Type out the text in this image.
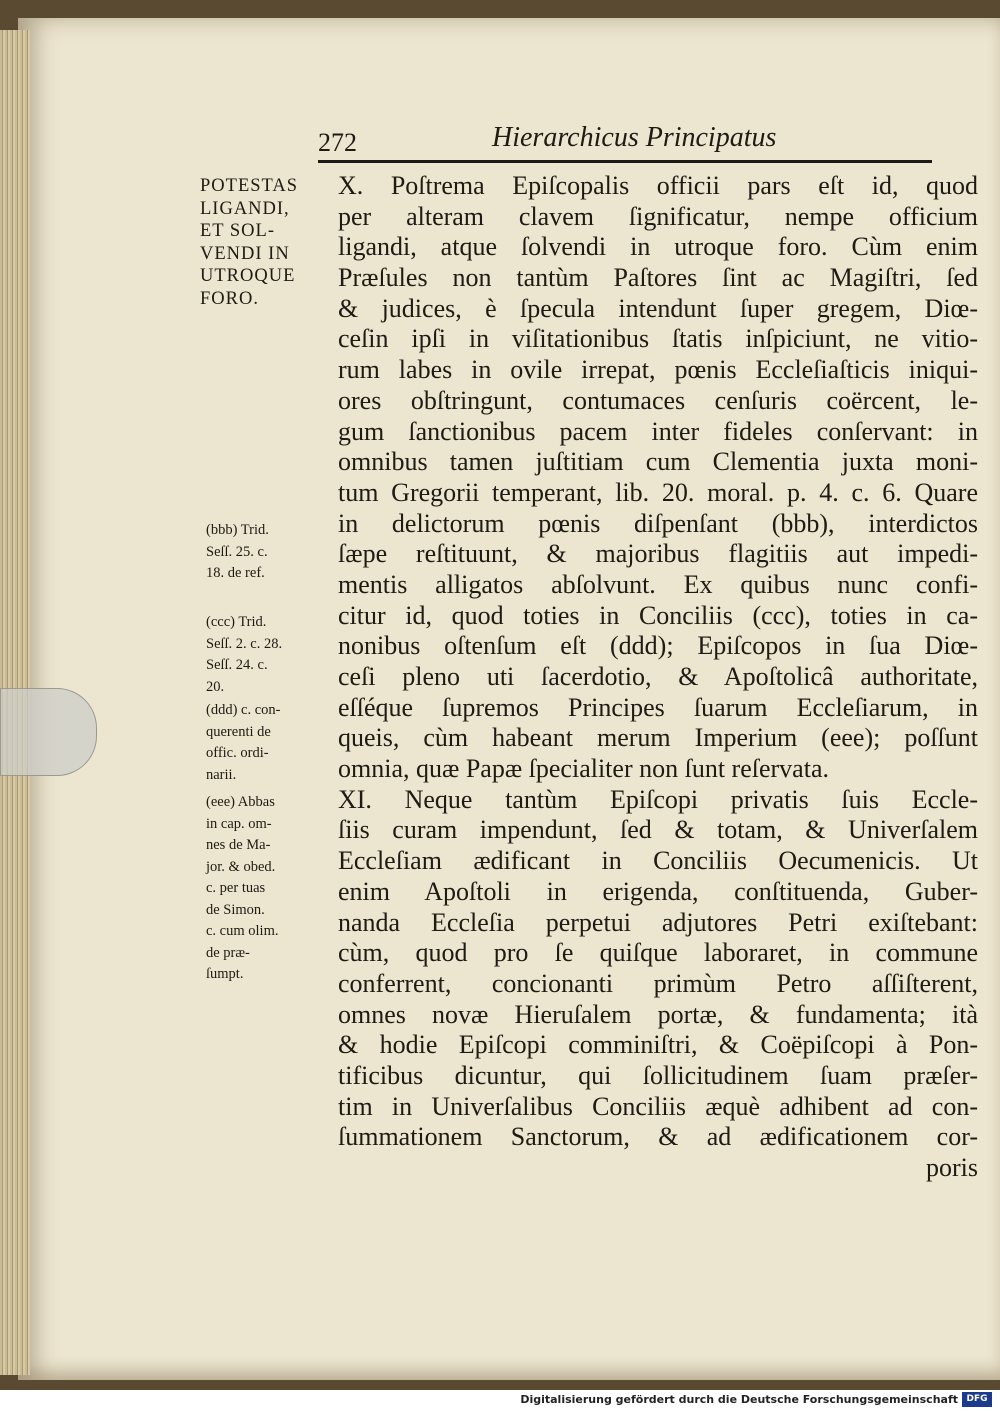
272	Hierarchicus Principatus
POTESTAS
LIGANDI,
ET SOL-
VENDI IN
UTROQUE
FORO.
(bbb) Trid.
Seſſ. 25. c.
18. de ref.
(ccc) Trid.
Seſſ. 2. c. 28.
Seſſ. 24. c.
20.
(ddd) c. con-
querenti de
offic. ordi-
narii.
(eee) Abbas
in cap. om-
nes de Ma-
jor. & obed.
c. per tuas
de Simon.
c. cum olim.
de præ-
ſumpt.
X. Poſtrema Epiſcopalis officii pars eſt id, quod
per alteram clavem ſignificatur, nempe officium
ligandi, atque ſolvendi in utroque foro. Cùm enim
Præſules non tantùm Paſtores ſint ac Magiſtri, ſed
& judices, è ſpecula intendunt ſuper gregem, Diœ-
ceſin ipſi in viſitationibus ſtatis inſpiciunt, ne vitio-
rum labes in ovile irrepat, pœnis Eccleſiaſticis iniqui-
ores obſtringunt, contumaces cenſuris coërcent, le-
gum ſanctionibus pacem inter fideles conſervant: in
omnibus tamen juſtitiam cum Clementia juxta moni-
tum Gregorii temperant, lib. 20. moral. p. 4. c. 6. Quare
in delictorum pœnis diſpenſant (bbb), interdictos
ſæpe reſtituunt, & majoribus flagitiis aut impedi-
mentis alligatos abſolvunt. Ex quibus nunc confi-
citur id, quod toties in Conciliis (ccc), toties in ca-
nonibus oſtenſum eſt (ddd); Epiſcopos in ſua Diœ-
ceſi pleno uti ſacerdotio, & Apoſtolicâ authoritate,
eſſéque ſupremos Principes ſuarum Eccleſiarum, in
queis, cùm habeant merum Imperium (eee); poſſunt
omnia, quæ Papæ ſpecialiter non ſunt reſervata.
XI. Neque tantùm Epiſcopi privatis ſuis Eccle-
ſiis curam impendunt, ſed & totam, & Univerſalem
Eccleſiam ædificant in Conciliis Oecumenicis. Ut
enim Apoſtoli in erigenda, conſtituenda, Guber-
nanda Eccleſia perpetui adjutores Petri exiſtebant:
cùm, quod pro ſe quiſque laboraret, in commune
conferrent, concionanti primùm Petro aſſiſterent,
omnes novæ Hieruſalem portæ, & fundamenta; ità
& hodie Epiſcopi comminiſtri, & Coëpiſcopi à Pon-
tificibus dicuntur, qui ſollicitudinem ſuam præſer-
tim in Univerſalibus Conciliis æquè adhibent ad con-
ſummationem Sanctorum, & ad ædificationem cor-
poris
Digitalisierung gefördert durch die Deutsche Forschungsgemeinschaft DFG
